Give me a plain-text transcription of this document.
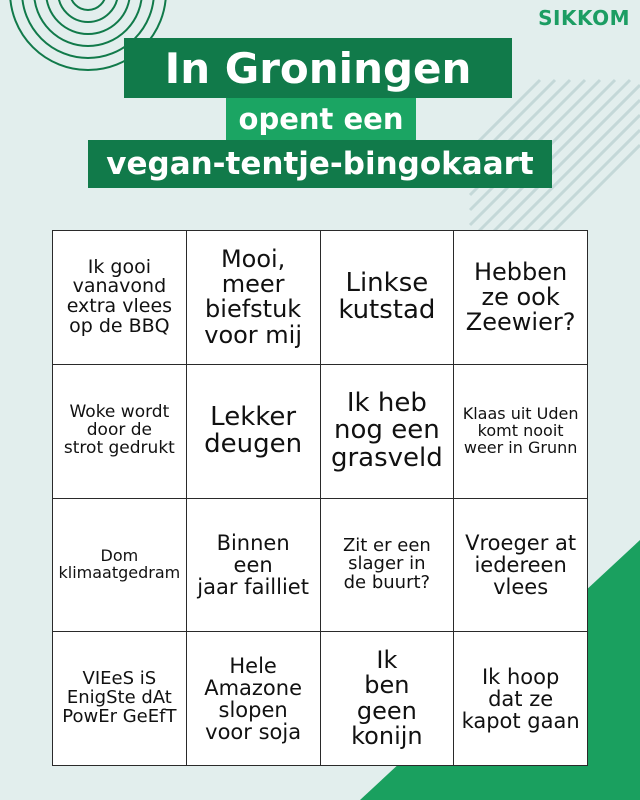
SIKKOM
In Groningen
opent een
vegan-tentje-bingokaart
Ik gooi
vanavond
extra vlees
op de BBQ
Mooi,
meer
biefstuk
voor mij
Linkse
kutstad
Hebben
ze ook
Zeewier?
Woke wordt
door de
strot gedrukt
Lekker
deugen
Ik heb
nog een
grasveld
Klaas uit Uden
komt nooit
weer in Grunn
Dom
klimaatgedram
Binnen
een
jaar failliet
Zit er een
slager in
de buurt?
Vroeger at
iedereen
vlees
VIEeS iS
EnigSte dAt
PowEr GeEfT
Hele
Amazone
slopen
voor soja
Ik
ben
geen
konijn
Ik hoop
dat ze
kapot gaan
